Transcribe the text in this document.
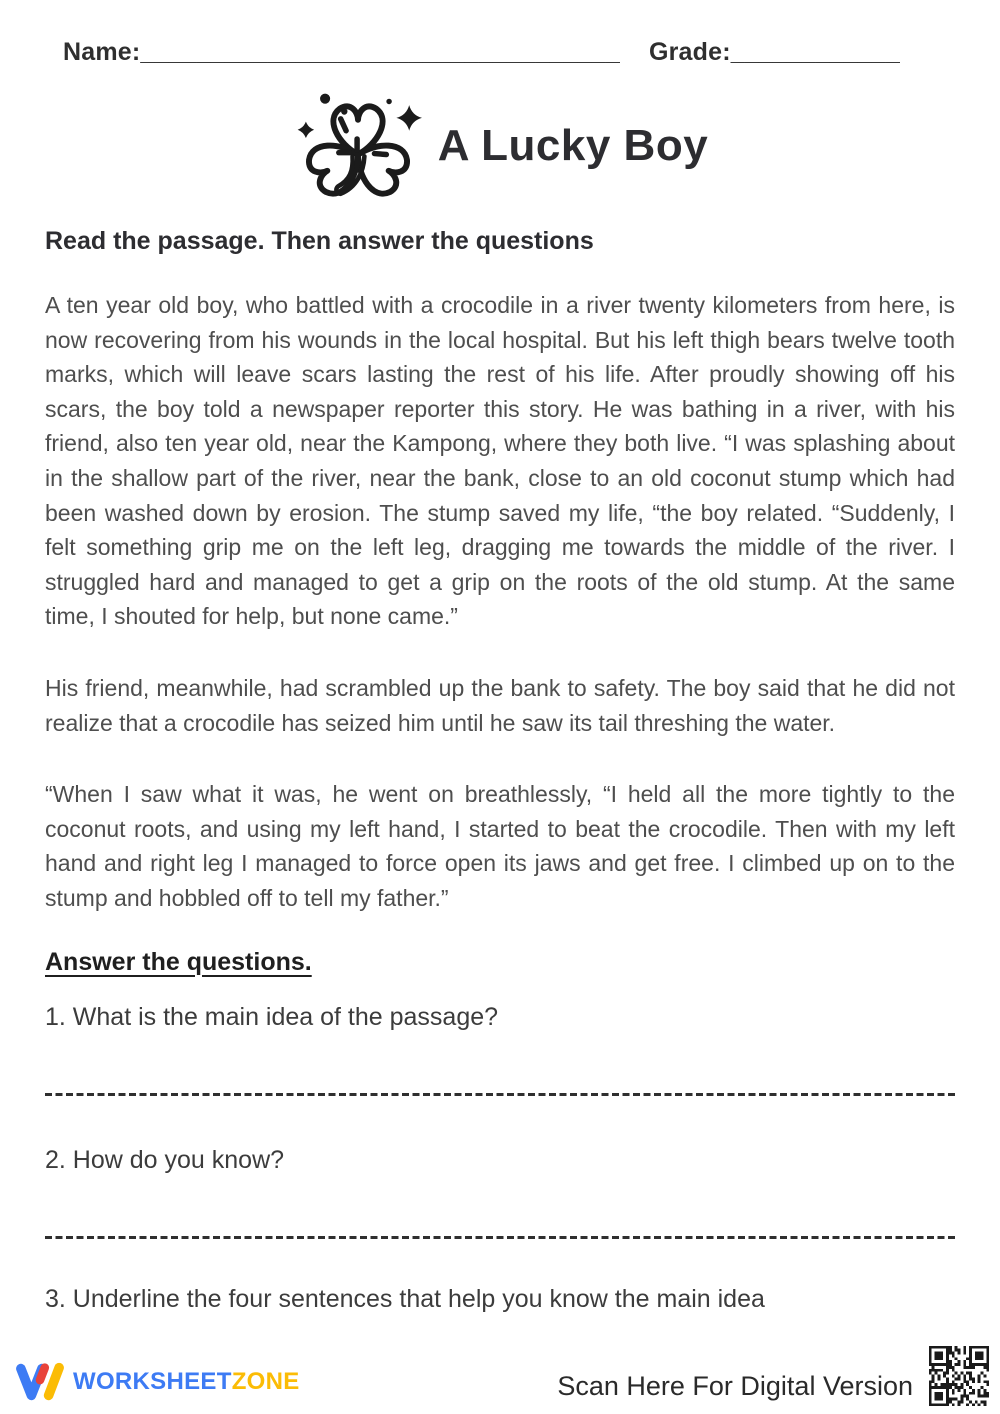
Name:__________________________________ Grade:____________
A Lucky Boy
Read the passage. Then answer the questions

A ten year old boy, who battled with a crocodile in a river twenty kilometers from here, is now recovering from his wounds in the local hospital. But his left thigh bears twelve tooth marks, which will leave scars lasting the rest of his life. After proudly showing off his scars, the boy told a newspaper reporter this story. He was bathing in a river, with his friend, also ten year old, near the Kampong, where they both live. “I was splashing about in the shallow part of the river, near the bank, close to an old coconut stump which had been washed down by erosion. The stump saved my life, “the boy related. “Suddenly, I felt something grip me on the left leg, dragging me towards the middle of the river. I struggled hard and managed to get a grip on the roots of the old stump. At the same time, I shouted for help, but none came.”

His friend, meanwhile, had scrambled up the bank to safety. The boy said that he did not realize that a crocodile has seized him until he saw its tail threshing the water.

“When I saw what it was, he went on breathlessly, “I held all the more tightly to the coconut roots, and using my left hand, I started to beat the crocodile. Then with my left hand and right leg I managed to force open its jaws and get free. I climbed up on to the stump and hobbled off to tell my father.”

Answer the questions.
1. What is the main idea of the passage?
2. How do you know?
3. Underline the four sentences that help you know the main idea
WORKSHEETZONE	Scan Here For Digital Version
